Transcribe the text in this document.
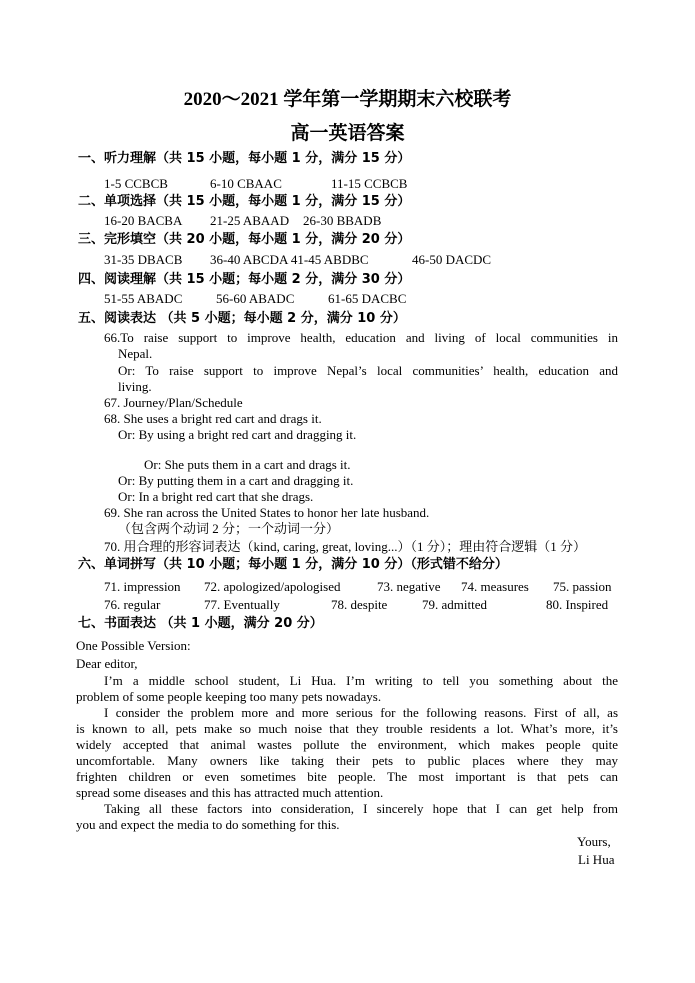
2020～2021 学年第一学期期末六校联考
高一英语答案
一、听力理解（共 15 小题，每小题 1 分，满分 15 分）
1-5 CCBCB	6-10 CBAAC	11-15 CCBCB
二、单项选择（共 15 小题，每小题 1 分，满分 15 分）
16-20 BACBA 21-25 ABAAD 26-30 BBADB
三、完形填空（共 20 小题，每小题 1 分，满分 20 分）
31-35 DBACB 36-40 ABCDA 41-45 ABDBC	46-50 DACDC
四、阅读理解（共 15 小题；每小题 2 分，满分 30 分）
51-55 ABADC	56-60 ABADC	61-65 DACBC
五、阅读表达 （共 5 小题；每小题 2 分，满分 10 分）
66.To raise support to improve health, education and living of local communities in
Nepal.
Or: To raise support to improve Nepal’s local communities’ health, education and
living.
67. Journey/Plan/Schedule
68. She uses a bright red cart and drags it.
Or: By using a bright red cart and dragging it.
Or: She puts them in a cart and drags it.
Or: By putting them in a cart and dragging it.
Or: In a bright red cart that she drags.
69. She ran across the United States to honor her late husband.
（包含两个动词 2 分；一个动词一分）
70. 用合理的形容词表达（kind, caring, great, loving...）（1 分）；理由符合逻辑（1 分）
六、单词拼写（共 10 小题；每小题 1 分，满分 10 分）（形式错不给分）
71. impression 72. apologized/apologised	73. negative 74. measures 75. passion
76. regular	77. Eventually	78. despite	79. admitted	80. Inspired
七、书面表达 （共 1 小题，满分 20 分）
One Possible Version:
Dear editor,
I’m a middle school student, Li Hua. I’m writing to tell you something about the
problem of some people keeping too many pets nowadays.
I consider the problem more and more serious for the following reasons. First of all, as
is known to all, pets make so much noise that they trouble residents a lot. What’s more, it’s
widely accepted that animal wastes pollute the environment, which makes people quite
uncomfortable. Many owners like taking their pets to public places where they may
frighten children or even sometimes bite people. The most important is that pets can
spread some diseases and this has attracted much attention.
Taking all these factors into consideration, I sincerely hope that I can get help from
you and expect the media to do something for this.
Yours,
Li Hua
